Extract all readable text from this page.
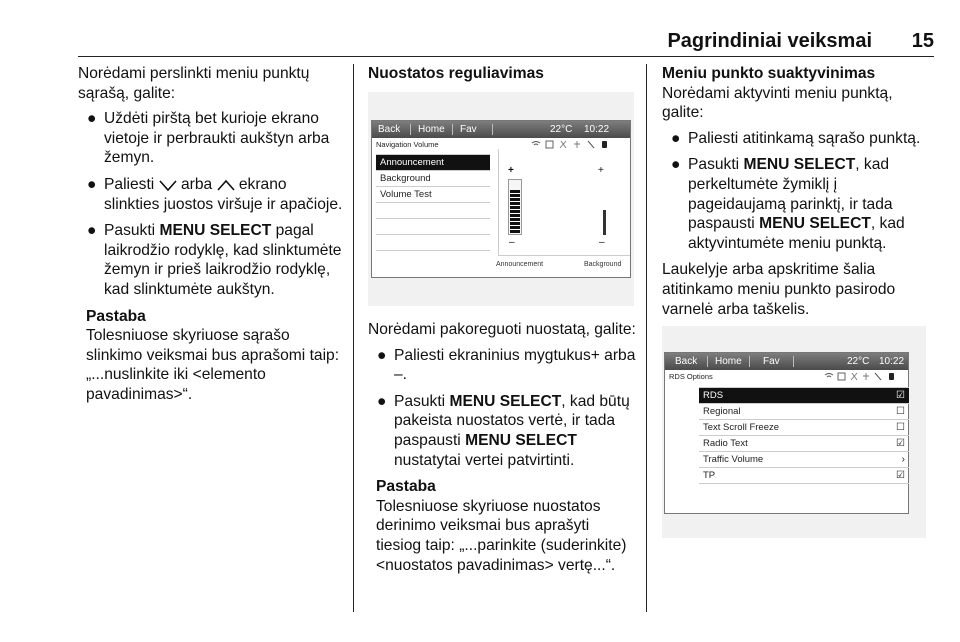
Pagrindiniai veiksmai 15

Norėdami perslinkti meniu punktų sąrašą, galite:

● Uždėti pirštą bet kurioje ekrano vietoje ir perbraukti aukštyn arba žemyn.
● Paliesti arba ekrano slinkties juostos viršuje ir apačioje.
● Pasukti MENU SELECT pagal laikrodžio rodyklę, kad slinktumėte žemyn ir prieš laikrodžio rodyklę, kad slinktumėte aukštyn.
Pastaba
Tolesniuose skyriuose sąrašo slinkimo veiksmai bus aprašomi taip: „...nuslinkite iki <elemento pavadinimas>“.
Nuostatos reguliavimas
Back Home Fav	22°C 10:22
Navigation Volume
Announcement
Background
Volume Test
+
–
+
–
Announcement	Background

Norėdami pakoreguoti nuostatą, galite:

● Paliesti ekraninius mygtukus+ arba –.
● Pasukti MENU SELECT, kad būtų pakeista nuostatos vertė, ir tada paspausti MENU SELECT nustatytai vertei patvirtinti.
Pastaba
Tolesniuose skyriuose nuostatos derinimo veiksmai bus aprašyti tiesiog taip: „...parinkite (suderinkite) <nuostatos pavadinimas> vertę...“.
Meniu punkto suaktyvinimas

Norėdami aktyvinti meniu punktą, galite:

● Paliesti atitinkamą sąrašo punktą.
● Pasukti MENU SELECT, kad perkeltumėte žymiklį į pageidaujamą parinktį, ir tada paspausti MENU SELECT, kad aktyvintumėte meniu punktą.

Laukelyje arba apskritime šalia atitinkamo meniu punkto pasirodo varnelė arba taškelis.

Back Home Fav	22°C 10:22
RDS Options
RDS	☑
Regional	☐
Text Scroll Freeze	☐
Radio Text	☑
Traffic Volume	›
TP	☑
